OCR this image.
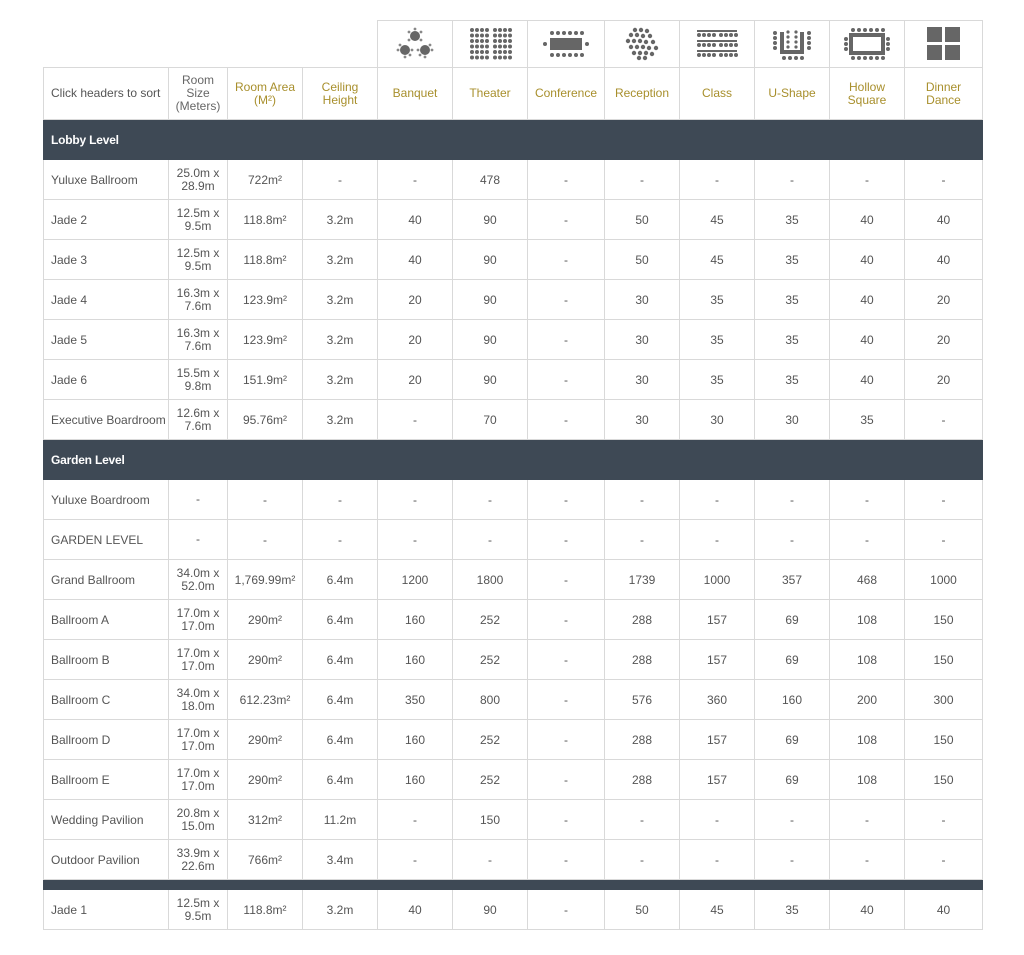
Click headers to sort	Room
Size
(Meters)	Room Area
(M²)	Ceiling
Height	Banquet	Theater	Conference	Reception	Class	U-Shape	Hollow
Square	Dinner
Dance
Lobby Level											
Yuluxe Ballroom	25.0m x
28.9m	722m²	-	-	478	-	-	-	-	-	-
Jade 2	12.5m x
9.5m	118.8m²	3.2m	40	90	-	50	45	35	40	40
Jade 3	12.5m x
9.5m	118.8m²	3.2m	40	90	-	50	45	35	40	40
Jade 4	16.3m x
7.6m	123.9m²	3.2m	20	90	-	30	35	35	40	20
Jade 5	16.3m x
7.6m	123.9m²	3.2m	20	90	-	30	35	35	40	20
Jade 6	15.5m x
9.8m	151.9m²	3.2m	20	90	-	30	35	35	40	20
Executive Boardroom	12.6m x
7.6m	95.76m²	3.2m	-	70	-	30	30	30	35	-
Garden Level											
Yuluxe Boardroom	-	-	-	-	-	-	-	-	-	-	-
GARDEN LEVEL	-	-	-	-	-	-	-	-	-	-	-
Grand Ballroom	34.0m x
52.0m	1,769.99m²	6.4m	1200	1800	-	1739	1000	357	468	1000
Ballroom A	17.0m x
17.0m	290m²	6.4m	160	252	-	288	157	69	108	150
Ballroom B	17.0m x
17.0m	290m²	6.4m	160	252	-	288	157	69	108	150
Ballroom C	34.0m x
18.0m	612.23m²	6.4m	350	800	-	576	360	160	200	300
Ballroom D	17.0m x
17.0m	290m²	6.4m	160	252	-	288	157	69	108	150
Ballroom E	17.0m x
17.0m	290m²	6.4m	160	252	-	288	157	69	108	150
Wedding Pavilion	20.8m x
15.0m	312m²	11.2m	-	150	-	-	-	-	-	-
Outdoor Pavilion	33.9m x
22.6m	766m²	3.4m	-	-	-	-	-	-	-	-

Jade 1	12.5m x
9.5m	118.8m²	3.2m	40	90	-	50	45	35	40	40
